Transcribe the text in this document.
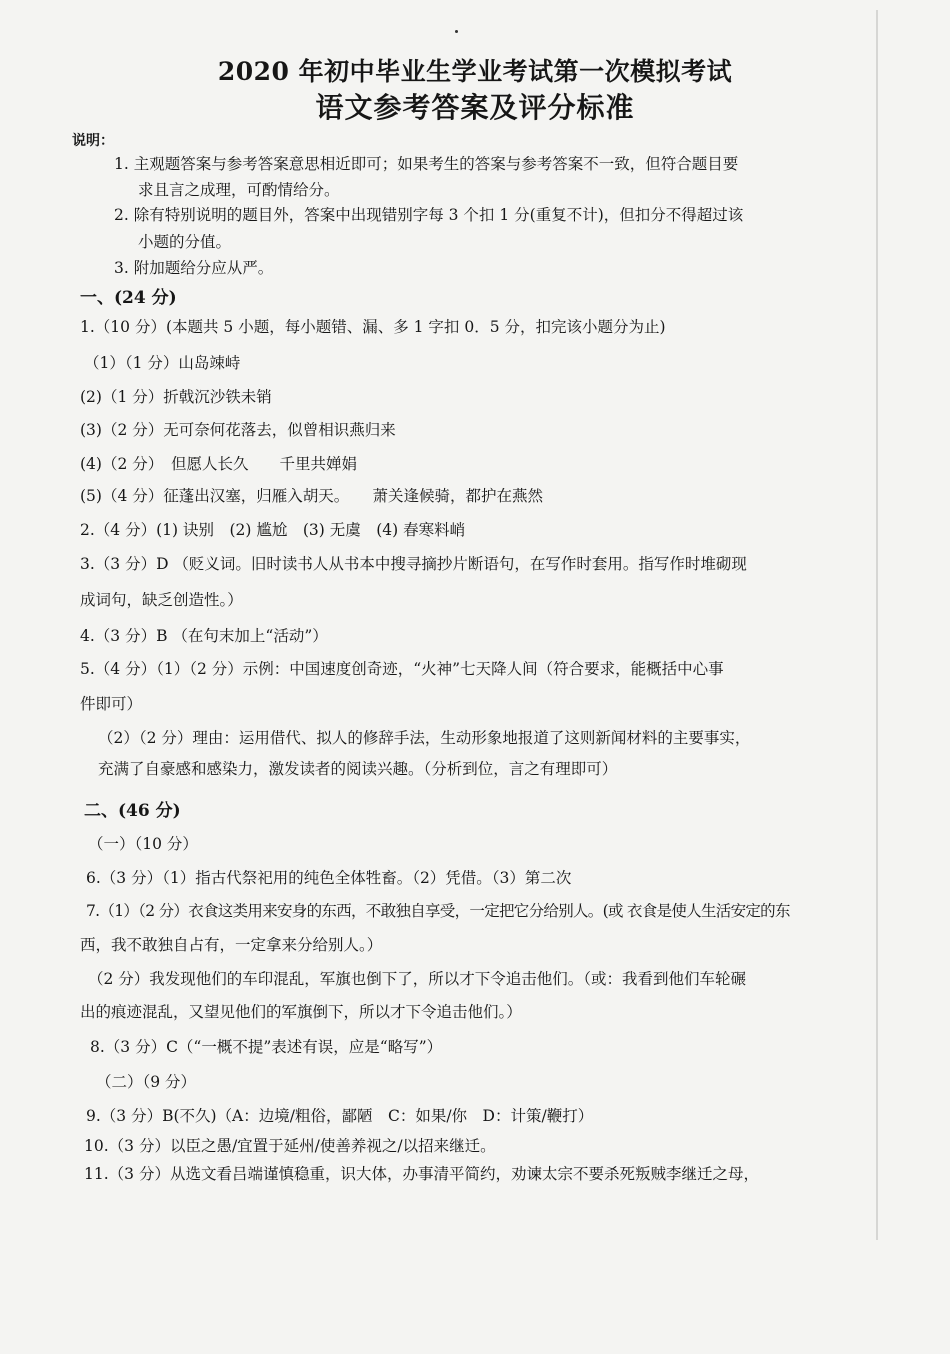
2020 年初中毕业生学业考试第一次模拟考试
语文参考答案及评分标准
说明：
1. 主观题答案与参考答案意思相近即可；如果考生的答案与参考答案不一致，但符合题目要
求且言之成理，可酌情给分。
2. 除有特别说明的题目外，答案中出现错别字每 3 个扣 1 分(重复不计)，但扣分不得超过该
小题的分值。
3. 附加题给分应从严。
一、(24 分)
1.（10 分）(本题共 5 小题，每小题错、漏、多 1 字扣 0．5 分，扣完该小题分为止)
（1）（1 分）山岛竦峙
(2)（1 分）折戟沉沙铁未销
(3)（2 分）无可奈何花落去，似曾相识燕归来
(4)（2 分）　但愿人长久　　千里共婵娟
(5)（4 分）征蓬出汉塞，归雁入胡天。　　萧关逢候骑，都护在燕然
2.（4 分）(1) 诀别　(2) 尴尬　(3) 无虞　(4) 春寒料峭
3.（3 分）D （贬义词。旧时读书人从书本中搜寻摘抄片断语句，在写作时套用。指写作时堆砌现
成词句，缺乏创造性。）
4.（3 分）B （在句末加上“活动”）
5.（4 分）（1）（2 分）示例：中国速度创奇迹，“火神”七天降人间（符合要求，能概括中心事
件即可）
（2）（2 分）理由：运用借代、拟人的修辞手法，生动形象地报道了这则新闻材料的主要事实，
充满了自豪感和感染力，激发读者的阅读兴趣。（分析到位，言之有理即可）
二、(46 分)
（一）（10 分）
6.（3 分）（1）指古代祭祀用的纯色全体牲畜。（2）凭借。（3）第二次
7.（1）（2 分）衣食这类用来安身的东西，不敢独自享受，一定把它分给别人。(或 衣食是使人生活安定的东
西，我不敢独自占有，一定拿来分给别人。）
（2 分）我发现他们的车印混乱，军旗也倒下了，所以才下令追击他们。（或：我看到他们车轮碾
出的痕迹混乱，又望见他们的军旗倒下，所以才下令追击他们。）
8.（3 分）C（“一概不提”表述有误，应是“略写”）
（二）（9 分）
9.（3 分）B(不久)（A：边境/粗俗，鄙陋　C：如果/你　D：计策/鞭打）
10.（3 分）以臣之愚/宜置于延州/使善养视之/以招来继迁。
11.（3 分）从选文看吕端谨慎稳重，识大体，办事清平简约，劝谏太宗不要杀死叛贼李继迁之母，
